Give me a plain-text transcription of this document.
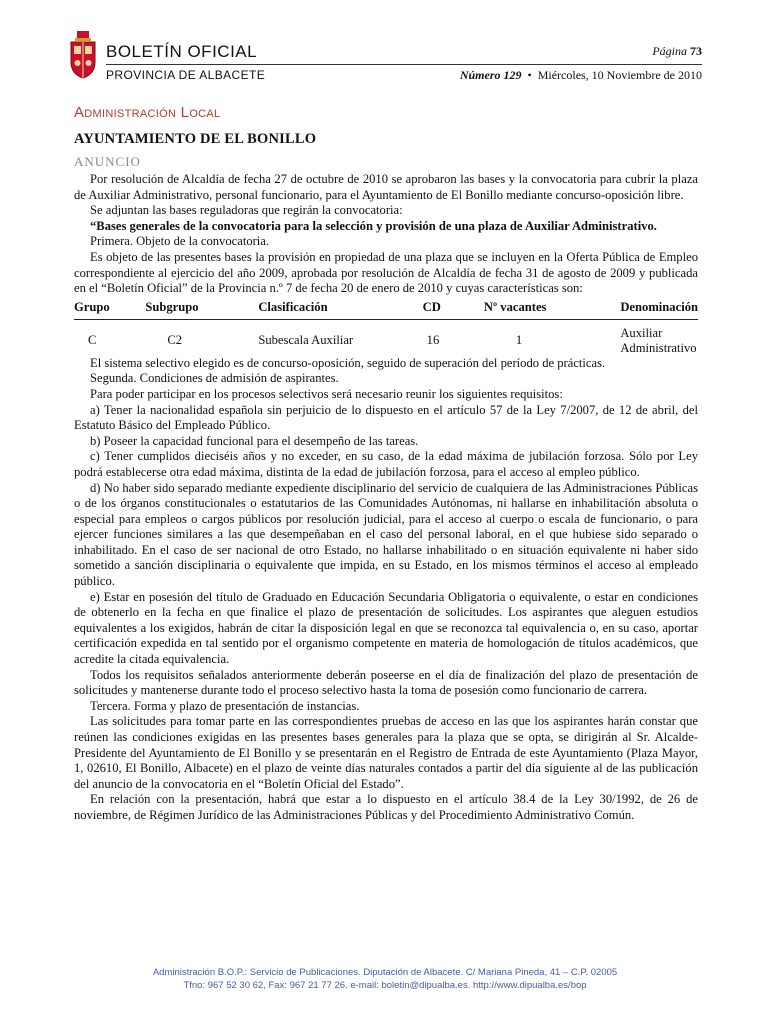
BOLETÍN OFICIAL
PROVINCIA DE ALBACETE
Página 73
Número 129 • Miércoles, 10 Noviembre de 2010
Administración Local
AYUNTAMIENTO DE EL BONILLO
ANUNCIO

Por resolución de Alcaldía de fecha 27 de octubre de 2010 se aprobaron las bases y la convocatoria para cubrir la plaza de Auxiliar Administrativo, personal funcionario, para el Ayuntamiento de El Bonillo mediante concurso-oposición libre.

Se adjuntan las bases reguladoras que regirán la convocatoria:

“Bases generales de la convocatoria para la selección y provisión de una plaza de Auxiliar Administrativo.

Primera. Objeto de la convocatoria.

Es objeto de las presentes bases la provisión en propiedad de una plaza que se incluyen en la Oferta Pública de Empleo correspondiente al ejercicio del año 2009, aprobada por resolución de Alcaldía de fecha 31 de agosto de 2009 y publicada en el “Boletín Oficial” de la Provincia n.º 7 de fecha 20 de enero de 2010 y cuyas características son:

Grupo	Subgrupo	Clasificación	CD	Nº vacantes	Denominación
C	C2	Subescala Auxiliar	16	1	Auxiliar Administrativo

El sistema selectivo elegido es de concurso-oposición, seguido de superación del período de prácticas.

Segunda. Condiciones de admisión de aspirantes.

Para poder participar en los procesos selectivos será necesario reunir los siguientes requisitos:

a) Tener la nacionalidad española sin perjuicio de lo dispuesto en el artículo 57 de la Ley 7/2007, de 12 de abril, del Estatuto Básico del Empleado Público.

b) Poseer la capacidad funcional para el desempeño de las tareas.

c) Tener cumplidos dieciséis años y no exceder, en su caso, de la edad máxima de jubilación forzosa. Sólo por Ley podrá establecerse otra edad máxima, distinta de la edad de jubilación forzosa, para el acceso al empleo público.

d) No haber sido separado mediante expediente disciplinario del servicio de cualquiera de las Administraciones Públicas o de los órganos constitucionales o estatutarios de las Comunidades Autónomas, ni hallarse en inhabilitación absoluta o especial para empleos o cargos públicos por resolución judicial, para el acceso al cuerpo o escala de funcionario, o para ejercer funciones similares a las que desempeñaban en el caso del personal laboral, en el que hubiese sido separado o inhabilitado. En el caso de ser nacional de otro Estado, no hallarse inhabilitado o en situación equivalente ni haber sido sometido a sanción disciplinaria o equivalente que impida, en su Estado, en los mismos términos el acceso al empleado público.

e) Estar en posesión del título de Graduado en Educación Secundaria Obligatoria o equivalente, o estar en condiciones de obtenerlo en la fecha en que finalice el plazo de presentación de solicitudes. Los aspirantes que aleguen estudios equivalentes a los exigidos, habrán de citar la disposición legal en que se reconozca tal equivalencia o, en su caso, aportar certificación expedida en tal sentido por el organismo competente en materia de homologación de títulos académicos, que acredite la citada equivalencia.

Todos los requisitos señalados anteriormente deberán poseerse en el día de finalización del plazo de presentación de solicitudes y mantenerse durante todo el proceso selectivo hasta la toma de posesión como funcionario de carrera.

Tercera. Forma y plazo de presentación de instancias.

Las solicitudes para tomar parte en las correspondientes pruebas de acceso en las que los aspirantes harán constar que reúnen las condiciones exigidas en las presentes bases generales para la plaza que se opta, se dirigirán al Sr. Alcalde-Presidente del Ayuntamiento de El Bonillo y se presentarán en el Registro de Entrada de este Ayuntamiento (Plaza Mayor, 1, 02610, El Bonillo, Albacete) en el plazo de veinte días naturales contados a partir del día siguiente al de las publicación del anuncio de la convocatoria en el “Boletín Oficial del Estado”.

En relación con la presentación, habrá que estar a lo dispuesto en el artículo 38.4 de la Ley 30/1992, de 26 de noviembre, de Régimen Jurídico de las Administraciones Públicas y del Procedimiento Administrativo Común.

Administración B.O.P.: Servicio de Publicaciones. Diputación de Albacete. C/ Mariana Pineda, 41 – C.P. 02005
Tfno: 967 52 30 62, Fax: 967 21 77 26. e-mail: boletin@dipualba.es. http://www.dipualba.es/bop
